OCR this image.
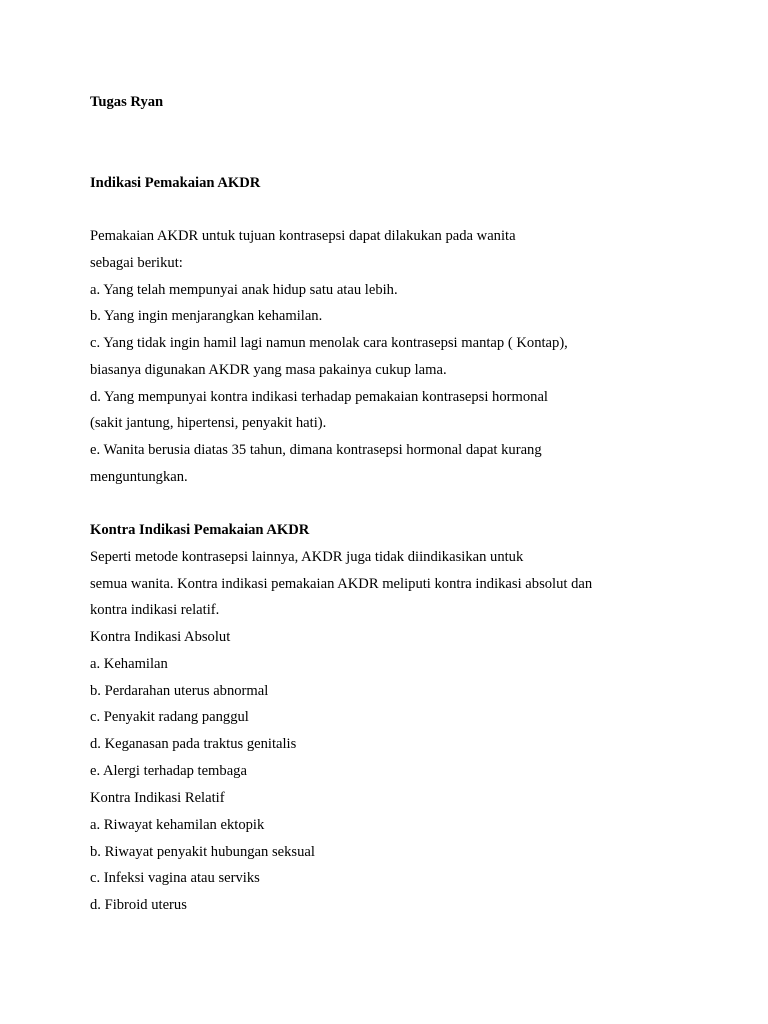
Tugas Ryan

Indikasi Pemakaian AKDR

Pemakaian AKDR untuk tujuan kontrasepsi dapat dilakukan pada wanita

sebagai berikut:

a. Yang telah mempunyai anak hidup satu atau lebih.

b. Yang ingin menjarangkan kehamilan.

c. Yang tidak ingin hamil lagi namun menolak cara kontrasepsi mantap ( Kontap),

biasanya digunakan AKDR yang masa pakainya cukup lama.

d. Yang mempunyai kontra indikasi terhadap pemakaian kontrasepsi hormonal

(sakit jantung, hipertensi, penyakit hati).

e. Wanita berusia diatas 35 tahun, dimana kontrasepsi hormonal dapat kurang

menguntungkan.

Kontra Indikasi Pemakaian AKDR

Seperti metode kontrasepsi lainnya, AKDR juga tidak diindikasikan untuk

semua wanita. Kontra indikasi pemakaian AKDR meliputi kontra indikasi absolut dan

kontra indikasi relatif.

Kontra Indikasi Absolut

a. Kehamilan

b. Perdarahan uterus abnormal

c. Penyakit radang panggul

d. Keganasan pada traktus genitalis

e. Alergi terhadap tembaga

Kontra Indikasi Relatif

a. Riwayat kehamilan ektopik

b. Riwayat penyakit hubungan seksual

c. Infeksi vagina atau serviks

d. Fibroid uterus
